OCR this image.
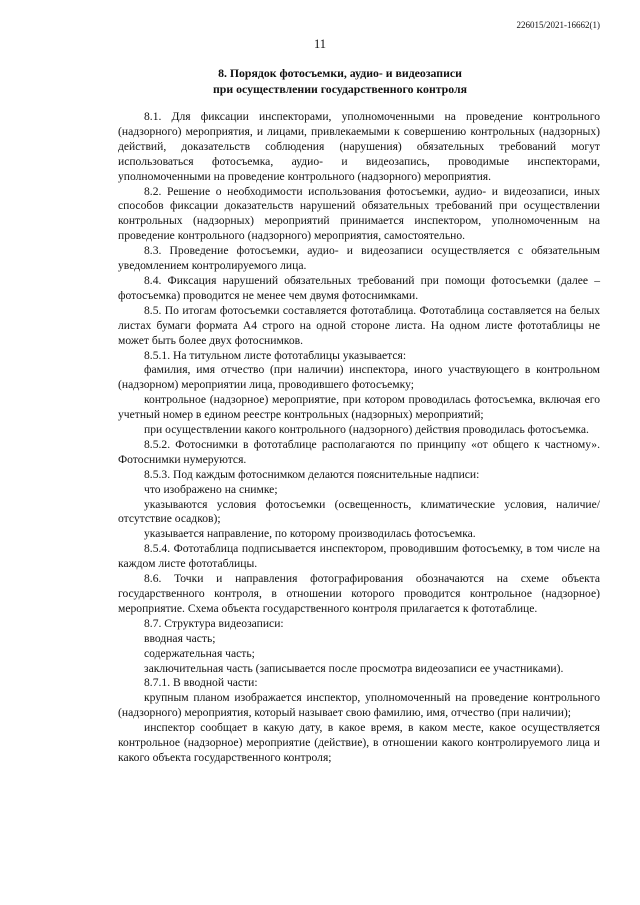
226015/2021-16662(1)
11
8. Порядок фотосъемки, аудио- и видеозаписи
при осуществлении государственного контроля

8.1. Для фиксации инспекторами, уполномоченными на проведение контрольного (надзорного) мероприятия, и лицами, привлекаемыми к совершению контрольных (надзорных) действий, доказательств соблюдения (нарушения) обязательных требований могут использоваться фотосъемка, аудио- и видеозапись, проводимые инспекторами, уполномоченными на проведение контрольного (надзорного) мероприятия.

8.2. Решение о необходимости использования фотосъемки, аудио- и видеозаписи, иных способов фиксации доказательств нарушений обязательных требований при осуществлении контрольных (надзорных) мероприятий принимается инспектором, уполномоченным на проведение контрольного (надзорного) мероприятия, самостоятельно.

8.3. Проведение фотосъемки, аудио- и видеозаписи осуществляется с обязательным уведомлением контролируемого лица.

8.4. Фиксация нарушений обязательных требований при помощи фотосъемки (далее – фотосъемка) проводится не менее чем двумя фотоснимками.

8.5. По итогам фотосъемки составляется фототаблица. Фототаблица составляется на белых листах бумаги формата А4 строго на одной стороне листа. На одном листе фототаблицы не может быть более двух фотоснимков.

8.5.1. На титульном листе фототаблицы указывается:

фамилия, имя отчество (при наличии) инспектора, иного участвующего в контрольном (надзорном) мероприятии лица, проводившего фотосъемку;

контрольное (надзорное) мероприятие, при котором проводилась фотосъемка, включая его учетный номер в едином реестре контрольных (надзорных) мероприятий;

при осуществлении какого контрольного (надзорного) действия проводилась фотосъемка.

8.5.2. Фотоснимки в фототаблице располагаются по принципу «от общего к частному». Фотоснимки нумеруются.

8.5.3. Под каждым фотоснимком делаются пояснительные надписи:

что изображено на снимке;

указываются условия фотосъемки (освещенность, климатические условия, наличие/отсутствие осадков);

указывается направление, по которому производилась фотосъемка.

8.5.4. Фототаблица подписывается инспектором, проводившим фотосъемку, в том числе на каждом листе фототаблицы.

8.6. Точки и направления фотографирования обозначаются на схеме объекта государственного контроля, в отношении которого проводится контрольное (надзорное) мероприятие. Схема объекта государственного контроля прилагается к фототаблице.

8.7. Структура видеозаписи:

вводная часть;

содержательная часть;

заключительная часть (записывается после просмотра видеозаписи ее участниками).

8.7.1. В вводной части:

крупным планом изображается инспектор, уполномоченный на проведение контрольного (надзорного) мероприятия, который называет свою фамилию, имя, отчество (при наличии);

инспектор сообщает в какую дату, в какое время, в каком месте, какое осуществляется контрольное (надзорное) мероприятие (действие), в отношении какого контролируемого лица и какого объекта государственного контроля;
